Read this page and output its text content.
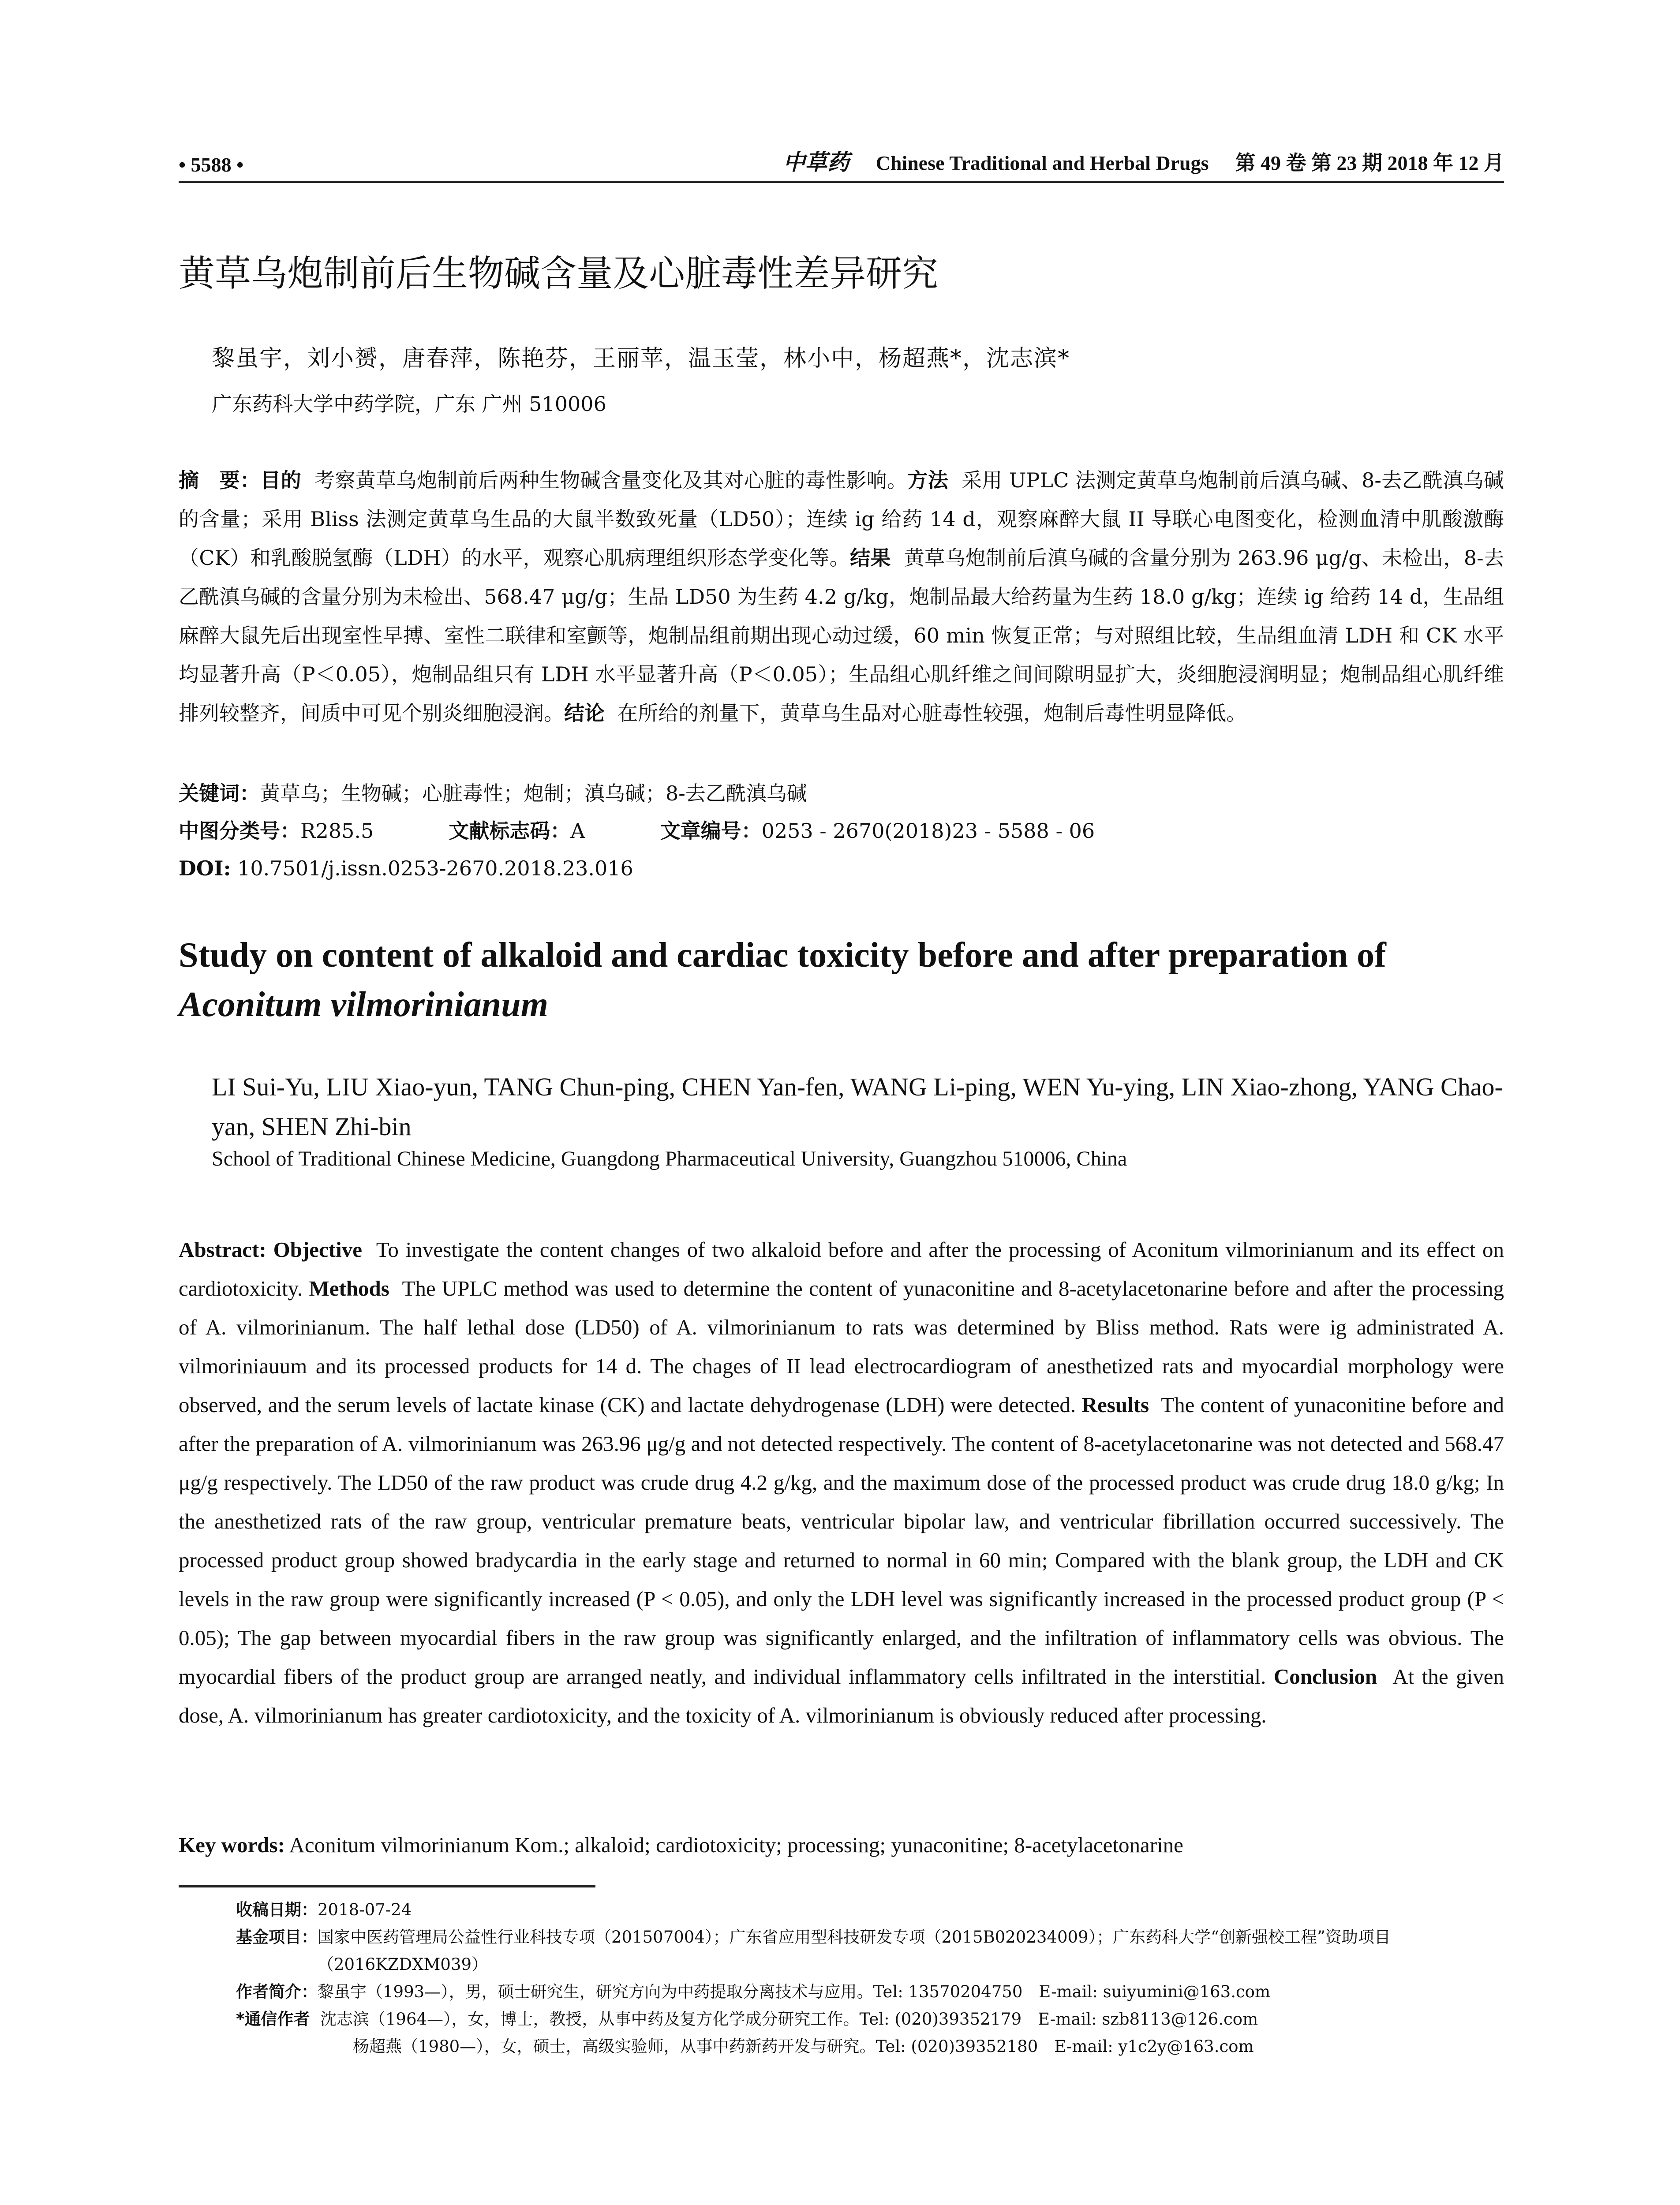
• 5588 •	中草药 Chinese Traditional and Herbal Drugs 第 49 卷 第 23 期 2018 年 12 月
黄草乌炮制前后生物碱含量及心脏毒性差异研究
黎虽宇，刘小赟，唐春萍，陈艳芬，王丽苹，温玉莹，林小中，杨超燕*，沈志滨*
广东药科大学中药学院，广东 广州 510006
摘　要：目的 考察黄草乌炮制前后两种生物碱含量变化及其对心脏的毒性影响。方法 采用 UPLC 法测定黄草乌炮制前后滇乌碱、8-去乙酰滇乌碱的含量；采用 Bliss 法测定黄草乌生品的大鼠半数致死量（LD50）；连续 ig 给药 14 d，观察麻醉大鼠 II 导联心电图变化，检测血清中肌酸激酶（CK）和乳酸脱氢酶（LDH）的水平，观察心肌病理组织形态学变化等。结果 黄草乌炮制前后滇乌碱的含量分别为 263.96 μg/g、未检出，8-去乙酰滇乌碱的含量分别为未检出、568.47 μg/g；生品 LD50 为生药 4.2 g/kg，炮制品最大给药量为生药 18.0 g/kg；连续 ig 给药 14 d，生品组麻醉大鼠先后出现室性早搏、室性二联律和室颤等，炮制品组前期出现心动过缓，60 min 恢复正常；与对照组比较，生品组血清 LDH 和 CK 水平均显著升高（P＜0.05），炮制品组只有 LDH 水平显著升高（P＜0.05）；生品组心肌纤维之间间隙明显扩大，炎细胞浸润明显；炮制品组心肌纤维排列较整齐，间质中可见个别炎细胞浸润。结论 在所给的剂量下，黄草乌生品对心脏毒性较强，炮制后毒性明显降低。
关键词：黄草乌；生物碱；心脏毒性；炮制；滇乌碱；8-去乙酰滇乌碱
中图分类号：R285.5	文献标志码：A	文章编号：0253 - 2670(2018)23 - 5588 - 06
DOI: 10.7501/j.issn.0253-2670.2018.23.016
Study on content of alkaloid and cardiac toxicity before and after preparation of
Aconitum vilmorinianum
LI Sui-Yu, LIU Xiao-yun, TANG Chun-ping, CHEN Yan-fen, WANG Li-ping, WEN Yu-ying, LIN Xiao-zhong, YANG Chao-yan, SHEN Zhi-bin
School of Traditional Chinese Medicine, Guangdong Pharmaceutical University, Guangzhou 510006, China
Abstract: Objective To investigate the content changes of two alkaloid before and after the processing of Aconitum vilmorinianum and its effect on cardiotoxicity. Methods The UPLC method was used to determine the content of yunaconitine and 8-acetylacetonarine before and after the processing of A. vilmorinianum. The half lethal dose (LD50) of A. vilmorinianum to rats was determined by Bliss method. Rats were ig administrated A. vilmoriniauum and its processed products for 14 d. The chages of II lead electrocardiogram of anesthetized rats and myocardial morphology were observed, and the serum levels of lactate kinase (CK) and lactate dehydrogenase (LDH) were detected. Results The content of yunaconitine before and after the preparation of A. vilmorinianum was 263.96 μg/g and not detected respectively. The content of 8-acetylacetonarine was not detected and 568.47 μg/g respectively. The LD50 of the raw product was crude drug 4.2 g/kg, and the maximum dose of the processed product was crude drug 18.0 g/kg; In the anesthetized rats of the raw group, ventricular premature beats, ventricular bipolar law, and ventricular fibrillation occurred successively. The processed product group showed bradycardia in the early stage and returned to normal in 60 min; Compared with the blank group, the LDH and CK levels in the raw group were significantly increased (P < 0.05), and only the LDH level was significantly increased in the processed product group (P < 0.05); The gap between myocardial fibers in the raw group was significantly enlarged, and the infiltration of inflammatory cells was obvious. The myocardial fibers of the product group are arranged neatly, and individual inflammatory cells infiltrated in the interstitial. Conclusion At the given dose, A. vilmorinianum has greater cardiotoxicity, and the toxicity of A. vilmorinianum is obviously reduced after processing.
Key words: Aconitum vilmorinianum Kom.; alkaloid; cardiotoxicity; processing; yunaconitine; 8-acetylacetonarine
收稿日期： 2018-07-24
基金项目： 国家中医药管理局公益性行业科技专项（201507004）；广东省应用型科技研发专项（2015B020234009）；广东药科大学“创新强校工程”资助项目（2016KZDXM039）
作者简介： 黎虽宇（1993—），男，硕士研究生，研究方向为中药提取分离技术与应用。Tel: 13570204750　E-mail: suiyumini@163.com
*通信作者
沈志滨（1964—），女，博士，教授，从事中药及复方化学成分研究工作。Tel: (020)39352179　E-mail: szb8113@126.com
杨超燕（1980—），女，硕士，高级实验师，从事中药新药开发与研究。Tel: (020)39352180　E-mail: y1c2y@163.com
